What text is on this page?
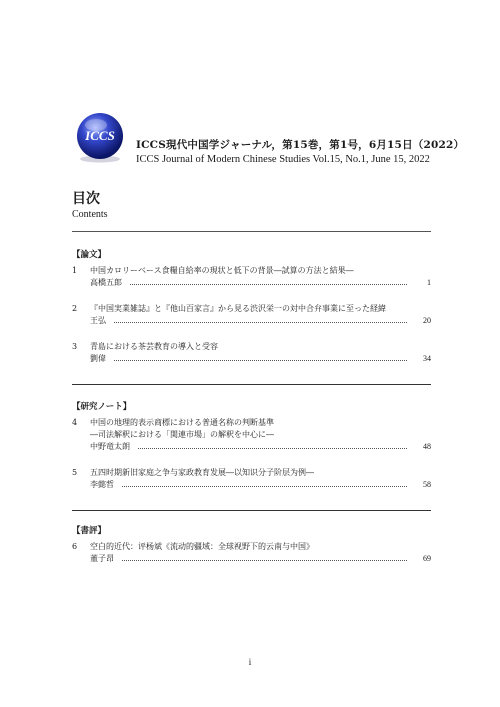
ICCS
ICCS現代中国学ジャーナル，第15巻，第1号，6月15日（2022）
ICCS Journal of Modern Chinese Studies Vol.15, No.1, June 15, 2022
目次
Contents
【論文】
1	中国カロリーベース食糧自給率の現状と低下の背景―試算の方法と結果―
高橋五郎	1
2	『中国実業雑誌』と『他山百家言』から見る渋沢栄一の対中合弁事業に至った経緯
王弘	20
3	青島における茶芸教育の導入と受容
劉偉	34
【研究ノート】
4	中国の地理的表示商標における普通名称の判断基準
―司法解釈における「関連市場」の解釈を中心に―
中野竜太朗	48
5	五四时期新旧家庭之争与家政教育发展―以知识分子阶层为例―
李懿哲	58
【書評】
6	空白的近代：评杨斌《流动的疆域：全球视野下的云南与中国》
董子昂	69
i
